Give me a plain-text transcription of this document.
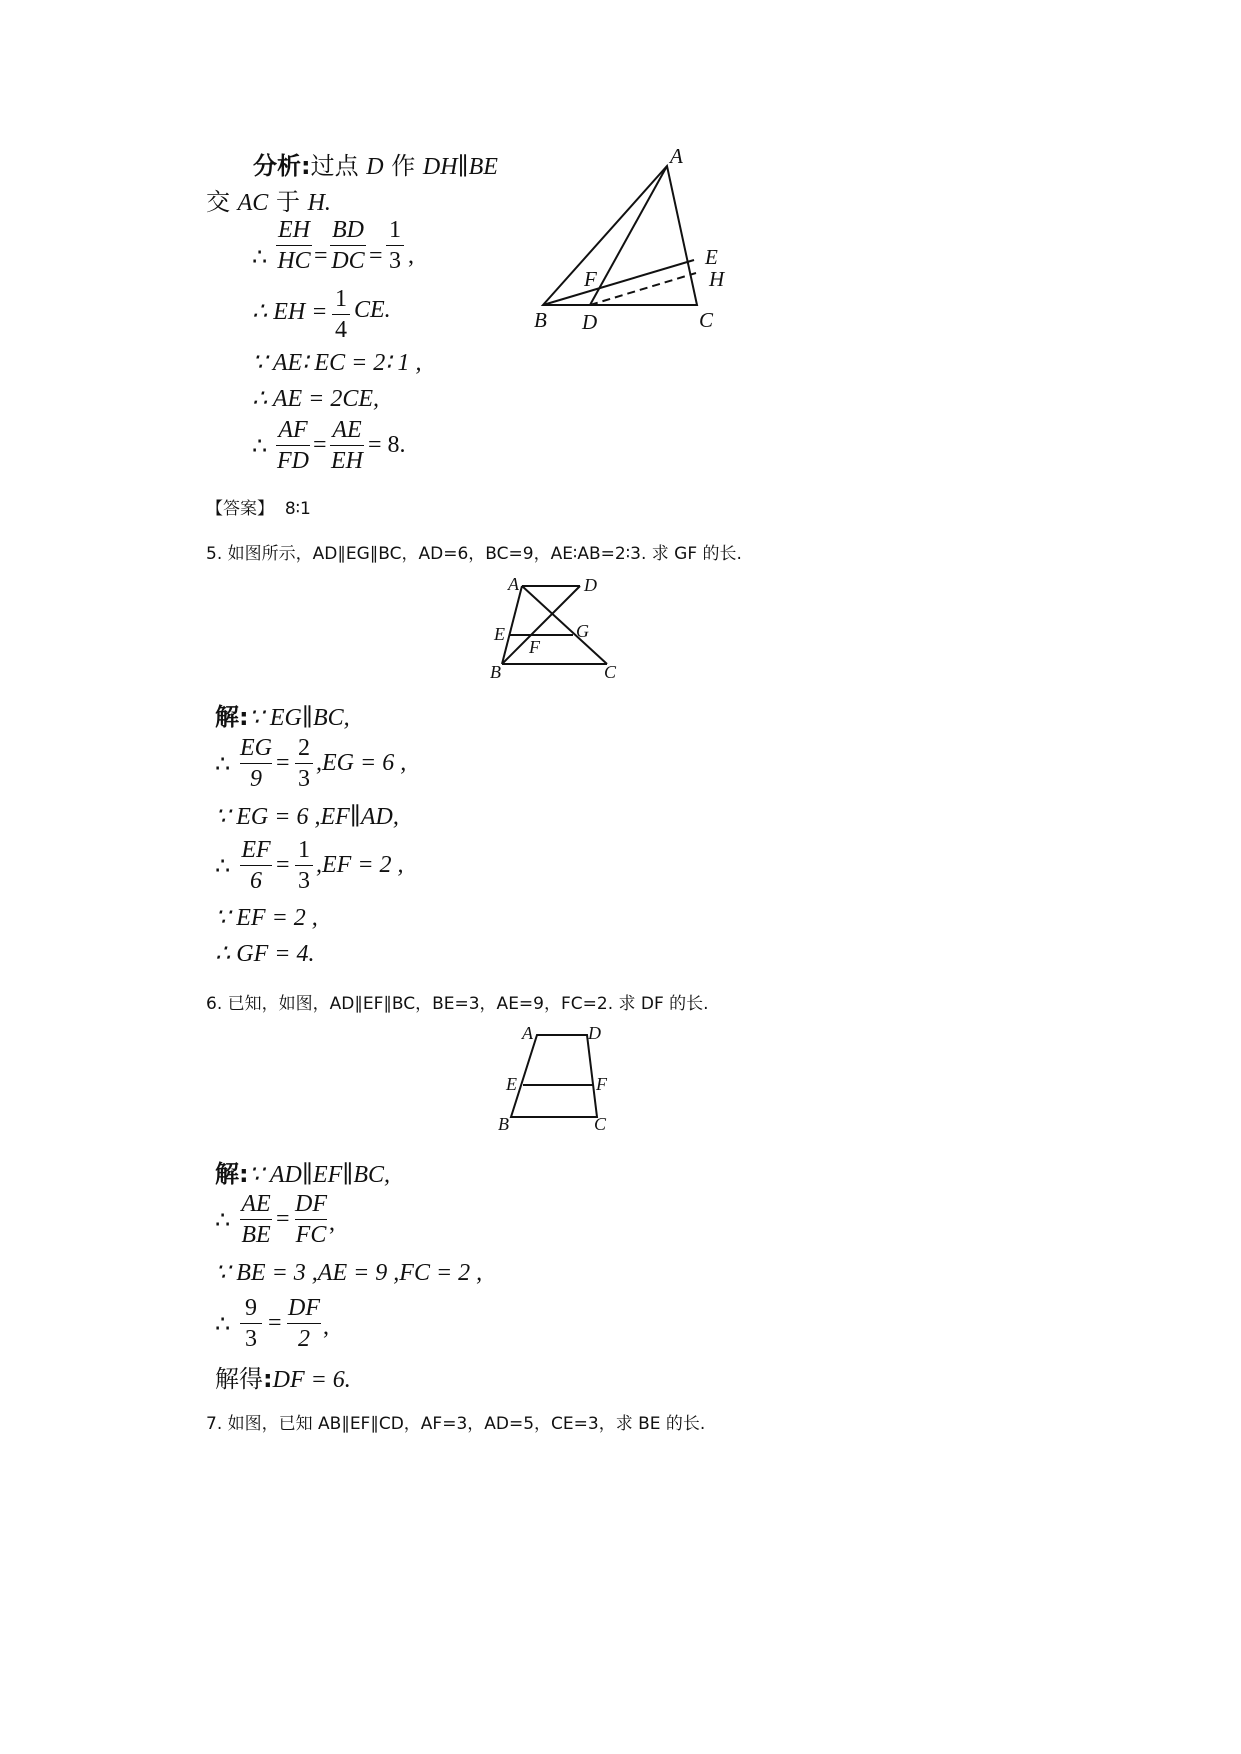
分析:过点 D 作 DH∥BE
交 AC 于 H.
∴
EH
HC =
BD
DC =
1
3 ,
∴ EH = 1
4
CE.
∵ AE∶ EC = 2∶ 1 ,
∴ AE = 2CE,
∴
AF
FD
=
AE
EH
= 8.
A
E
H
F
B D	C
【答案】 8∶1
5. 如图所示，AD∥EG∥BC，AD=6，BC=9，AE∶AB=2∶3. 求 GF 的长.
A	D
E	G
F
B	C
解:∵ EG∥BC,
∴
EG
9
=
2
3
,EG = 6 ,
∵ EG = 6 ,EF∥AD,
∴
EF
6
=
1
3
,EF = 2 ,
∵ EF = 2 ,
∴ GF = 4.
6. 已知，如图，AD∥EF∥BC，BE=3，AE=9，FC=2. 求 DF 的长.
A	D
E	F
B	C
解:∵ AD∥EF∥BC,
∴
AE
BE
=
DF
FC ,
∵ BE = 3 ,AE = 9 ,FC = 2 ,
∴
9
3
=
DF
2 ,
解得:DF = 6.
7. 如图，已知 AB∥EF∥CD，AF=3，AD=5，CE=3，求 BE 的长.
